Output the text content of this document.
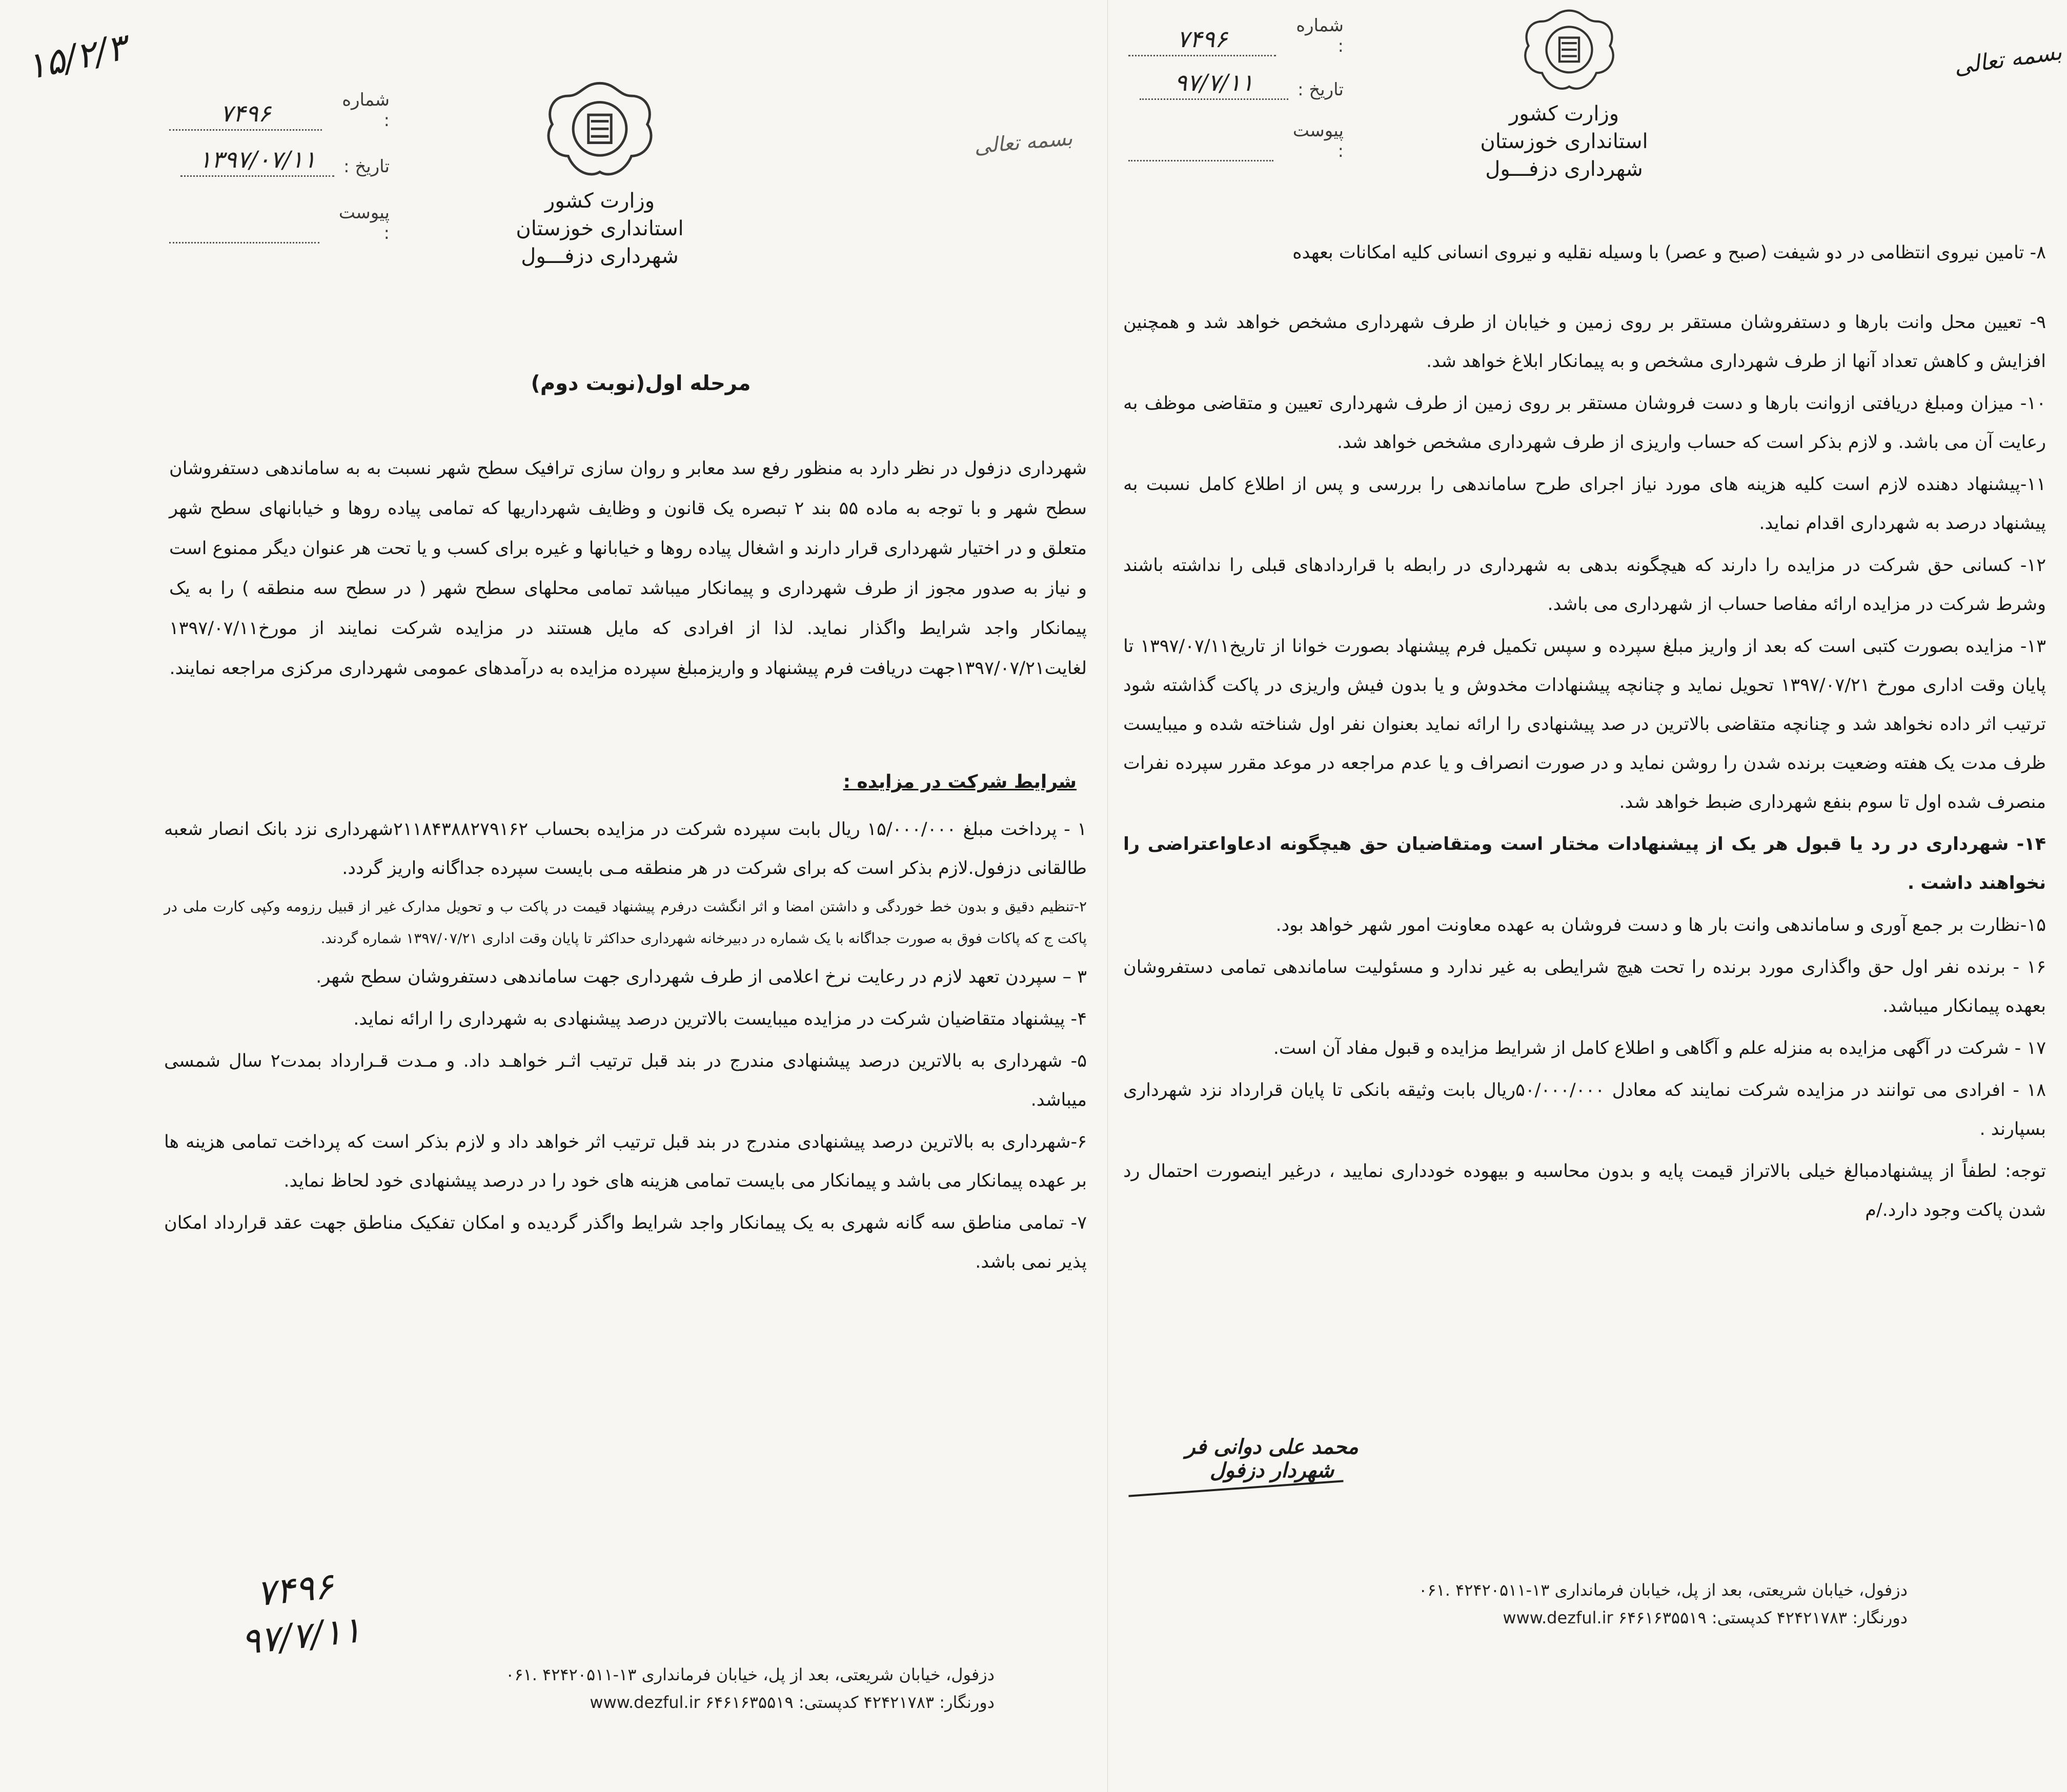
۱۵/۲/۳
شماره :
۷۴۹۶
تاریخ :
۱۳۹۷/۰۷/۱۱
پیوست :
بسمه تعالی
وزارت کشور
استانداری خوزستان
شهرداری دزفـــول
مرحله اول(نوبت دوم)

شهرداری دزفول در نظر دارد به منظور رفع سد معابر و روان سازی ترافیک سطح شهر نسبت به به ساماندهی دستفروشان سطح شهر و با توجه به ماده ۵۵ بند ۲ تبصره یک قانون و وظایف شهرداریها که تمامی پیاده روها و خیابانهای سطح شهر متعلق و در اختیار شهرداری قرار دارند و اشغال پیاده روها و خیابانها و غیره برای کسب و یا تحت هر عنوان دیگر ممنوع است و نیاز به صدور مجوز از طرف شهرداری و پیمانکار میباشد تمامی محلهای سطح شهر ( در سطح سه منطقه ) را به یک پیمانکار واجد شرایط واگذار نماید. لذا از افرادی که مایل هستند در مزایده شرکت نمایند از مورخ۱۳۹۷/۰۷/۱۱ لغایت۱۳۹۷/۰۷/۲۱جهت دریافت فرم پیشنهاد و واریزمبلغ سپرده مزایده به درآمدهای عمومی شهرداری مرکزی مراجعه نمایند.

شرایط شرکت در مزایده :
۱ - پرداخت مبلغ ۱۵/۰۰۰/۰۰۰ ریال بابت سپرده شرکت در مزایده بحساب ۲۱۱۸۴۳۸۸۲۷۹۱۶۲شهرداری نزد بانک انصار شعبه طالقانی دزفول.لازم بذکر است که برای شرکت در هر منطقه مـی بایست سپرده جداگانه واریز گردد.
۲-تنظیم دقیق و بدون خط خوردگی و داشتن امضا و اثر انگشت درفرم پیشنهاد قیمت در پاکت ب و تحویل مدارک غیر از قبیل رزومه وکپی کارت ملی در پاکت ج که پاکات فوق به صورت جداگانه با یک شماره در دبیرخانه شهرداری حداکثر تا پایان وقت اداری ۱۳۹۷/۰۷/۲۱ شماره گردند.
۳ – سپردن تعهد لازم در رعایت نرخ اعلامی از طرف شهرداری جهت ساماندهی دستفروشان سطح شهر.
۴- پیشنهاد متقاضیان شرکت در مزایده میبایست بالاترین درصد پیشنهادی به شهرداری را ارائه نماید.
۵- شهرداری به بالاترین درصد پیشنهادی مندرج در بند قبل ترتیب اثـر خواهـد داد. و مـدت قـرارداد بمدت۲ سال شمسی میباشد.
۶-شهرداری به بالاترین درصد پیشنهادی مندرج در بند قبل ترتیب اثر خواهد داد و لازم بذکر است که پرداخت تمامی هزینه ها بر عهده پیمانکار می باشد و پیمانکار می بایست تمامی هزینه های خود را در درصد پیشنهادی خود لحاظ نماید.
۷- تمامی مناطق سه گانه شهری به یک پیمانکار واجد شرایط واگذر گردیده و امکان تفکیک مناطق جهت عقد قرارداد امکان پذیر نمی باشد.
۷۴۹۶
۹۷/۷/۱۱
دزفول، خیابان شریعتی، بعد از پل، خیابان فرمانداری ۱۳-۴۲۴۲۰۵۱۱ .۰۶۱
دورنگار: ۴۲۴۲۱۷۸۳ کدپستی: ۶۴۶۱۶۳۵۵۱۹ www.dezful.ir
بسمه تعالی
شماره :
۷۴۹۶
تاریخ :
۹۷/۷/۱۱
پیوست :
وزارت کشور
استانداری خوزستان
شهرداری دزفـــول
۸- تامین نیروی انتظامی در دو شیفت (صبح و عصر) با وسیله نقلیه و نیروی انسانی کلیه امکانات بعهده
۹- تعیین محل وانت بارها و دستفروشان مستقر بر روی زمین و خیابان از طرف شهرداری مشخص خواهد شد و همچنین افزایش و کاهش تعداد آنها از طرف شهرداری مشخص و به پیمانکار ابلاغ خواهد شد.
۱۰- میزان ومبلغ دریافتی ازوانت بارها و دست فروشان مستقر بر روی زمین از طرف شهرداری تعیین و متقاضی موظف به رعایت آن می باشد. و لازم بذکر است که حساب واریزی از طرف شهرداری مشخص خواهد شد.
۱۱-پیشنهاد دهنده لازم است کلیه هزینه های مورد نیاز اجرای طرح ساماندهی را بررسی و پس از اطلاع کامل نسبت به پیشنهاد درصد به شهرداری اقدام نماید.
۱۲- کسانی حق شرکت در مزایده را دارند که هیچگونه بدهی به شهرداری در رابطه با قراردادهای قبلی را نداشته باشند وشرط شرکت در مزایده ارائه مفاصا حساب از شهرداری می باشد.
۱۳- مزایده بصورت کتبی است که بعد از واریز مبلغ سپرده و سپس تکمیل فرم پیشنهاد بصورت خوانا از تاریخ۱۳۹۷/۰۷/۱۱ تا پایان وقت اداری مورخ ۱۳۹۷/۰۷/۲۱ تحویل نماید و چنانچه پیشنهادات مخدوش و یا بدون فیش واریزی در پاکت گذاشته شود ترتیب اثر داده نخواهد شد و چنانچه متقاضی بالاترین در صد پیشنهادی را ارائه نماید بعنوان نفر اول شناخته شده و میبایست ظرف مدت یک هفته وضعیت برنده شدن را روشن نماید و در صورت انصراف و یا عدم مراجعه در موعد مقرر سپرده نفرات منصرف شده اول تا سوم بنفع شهرداری ضبط خواهد شد.
۱۴- شهرداری در رد یا قبول هر یک از پیشنهادات مختار است ومتقاضیان حق هیچگونه ادعاواعتراضی را نخواهند داشت .
۱۵-نظارت بر جمع آوری و ساماندهی وانت بار ها و دست فروشان به عهده معاونت امور شهر خواهد بود.
۱۶ - برنده نفر اول حق واگذاری مورد برنده را تحت هیچ شرایطی به غیر ندارد و مسئولیت ساماندهی تمامی دستفروشان بعهده پیمانکار میباشد.
۱۷ - شرکت در آگهی مزایده به منزله علم و آگاهی و اطلاع کامل از شرایط مزایده و قبول مفاد آن است.
۱۸ - افرادی می توانند در مزایده شرکت نمایند که معادل ۵۰/۰۰۰/۰۰۰ریال بابت وثیقه بانکی تا پایان قرارداد نزد شهرداری بسپارند .
توجه: لطفاً از پیشنهادمبالغ خیلی بالاتراز قیمت پایه و بدون محاسبه و بیهوده خودداری نمایید ، درغیر اینصورت احتمال رد شدن پاکت وجود دارد./م
محمد علی دوانی فر
شهردار دزفول
دزفول، خیابان شریعتی، بعد از پل، خیابان فرمانداری ۱۳-۴۲۴۲۰۵۱۱ .۰۶۱
دورنگار: ۴۲۴۲۱۷۸۳ کدپستی: ۶۴۶۱۶۳۵۵۱۹ www.dezful.ir
